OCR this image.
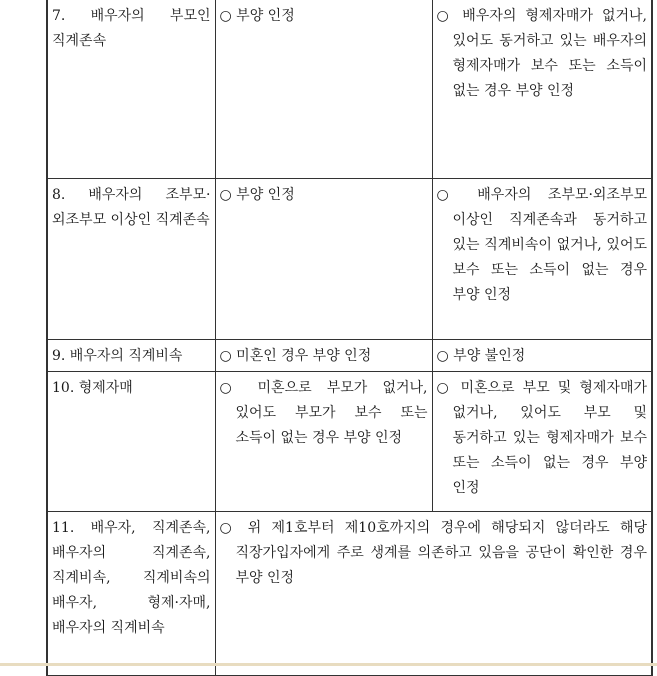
7. 배우자의 부모인 직계존속	○ 부양 인정	○ 배우자의 형제자매가 없거나, 있어도 동거하고 있는 배우자의 형제자매가 보수 또는 소득이 없는 경우 부양 인정

8. 배우자의 조부모·외조부모 이상인 직계존속	○ 부양 인정	○ 배우자의 조부모·외조부모 이상인 직계존속과 동거하고 있는 직계비속이 없거나, 있어도 보수 또는 소득이 없는 경우 부양 인정

9. 배우자의 직계비속	○ 미혼인 경우 부양 인정	○ 부양 불인정

10. 형제자매	○ 미혼으로 부모가 없거나, 있어도 부모가 보수 또는 소득이 없는 경우 부양 인정	○ 미혼으로 부모 및 형제자매가 없거나, 있어도 부모 및 동거하고 있는 형제자매가 보수 또는 소득이 없는 경우 부양 인정

11. 배우자, 직계존속, 배우자의 직계존속, 직계비속, 직계비속의 배우자, 형제·자매, 배우자의 직계비속	○ 위 제1호부터 제10호까지의 경우에 해당되지 않더라도 해당 직장가입자에게 주로 생계를 의존하고 있음을 공단이 확인한 경우 부양 인정	
